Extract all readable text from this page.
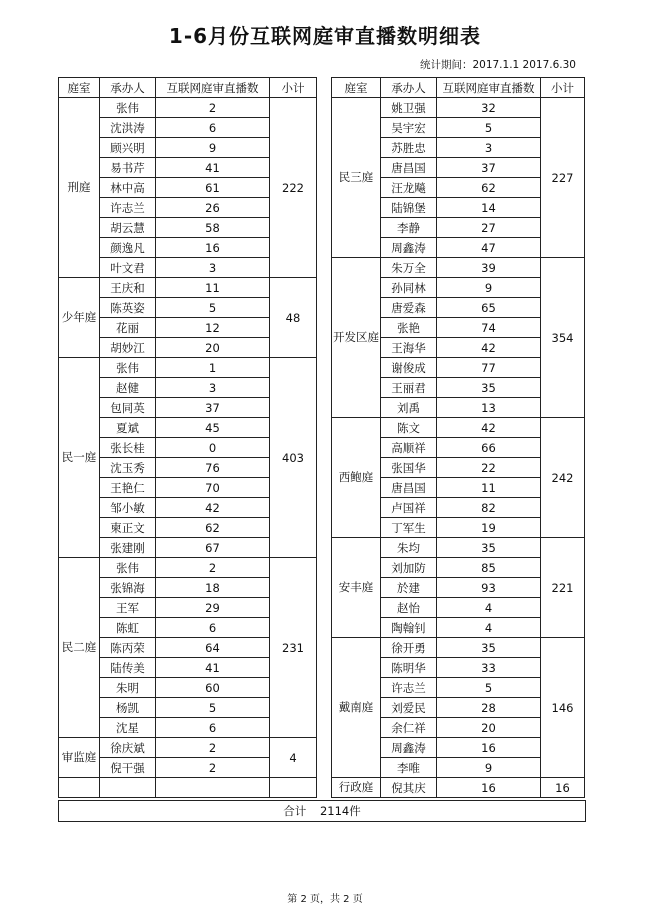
1-6月份互联网庭审直播数明细表
统计期间：2017.1.1 2017.6.30
庭室	承办人	互联网庭审直播数	小计
刑庭	张伟	2	222
	沈洪涛	6	
	顾兴明	9	
	易书芹	41	
	林中高	61	
	许志兰	26	
	胡云慧	58	
	颜逸凡	16	
	叶文君	3	
少年庭	王庆和	11	48
	陈英姿	5	
	花丽	12	
	胡妙江	20	
民一庭	张伟	1	403
	赵健	3	
	包同英	37	
	夏斌	45	
	张长桂	0	
	沈玉秀	76	
	王艳仁	70	
	邹小敏	42	
	柬正文	62	
	张建刚	67	
民二庭	张伟	2	231
	张锦海	18	
	王军	29	
	陈虹	6	
	陈丙荣	64	
	陆传美	41	
	朱明	60	
	杨凯	5	
	沈星	6	
审监庭	徐庆斌	2	4
	倪干强	2	

庭室	承办人	互联网庭审直播数	小计
民三庭	姚卫强	32	227
	吴宇宏	5	
	苏胜忠	3	
	唐昌国	37	
	汪龙飚	62	
	陆锦堡	14	
	李静	27	
	周鑫涛	47	
开发区庭	朱万全	39	354
	孙同林	9	
	唐爱森	65	
	张艳	74	
	王海华	42	
	谢俊成	77	
	王丽君	35	
	刘禹	13	
西鲍庭	陈文	42	242
	高顺祥	66	
	张国华	22	
	唐昌国	11	
	卢国祥	82	
	丁军生	19	
安丰庭	朱均	35	221
	刘加防	85	
	於建	93	
	赵怡	4	
	陶翰钊	4	
戴南庭	徐开勇	35	146
	陈明华	33	
	许志兰	5	
	刘爱民	28	
	余仁祥	20	
	周鑫涛	16	
	李唯	9	
行政庭	倪其庆	16	16
合计 2114件
第 2 页，共 2 页
